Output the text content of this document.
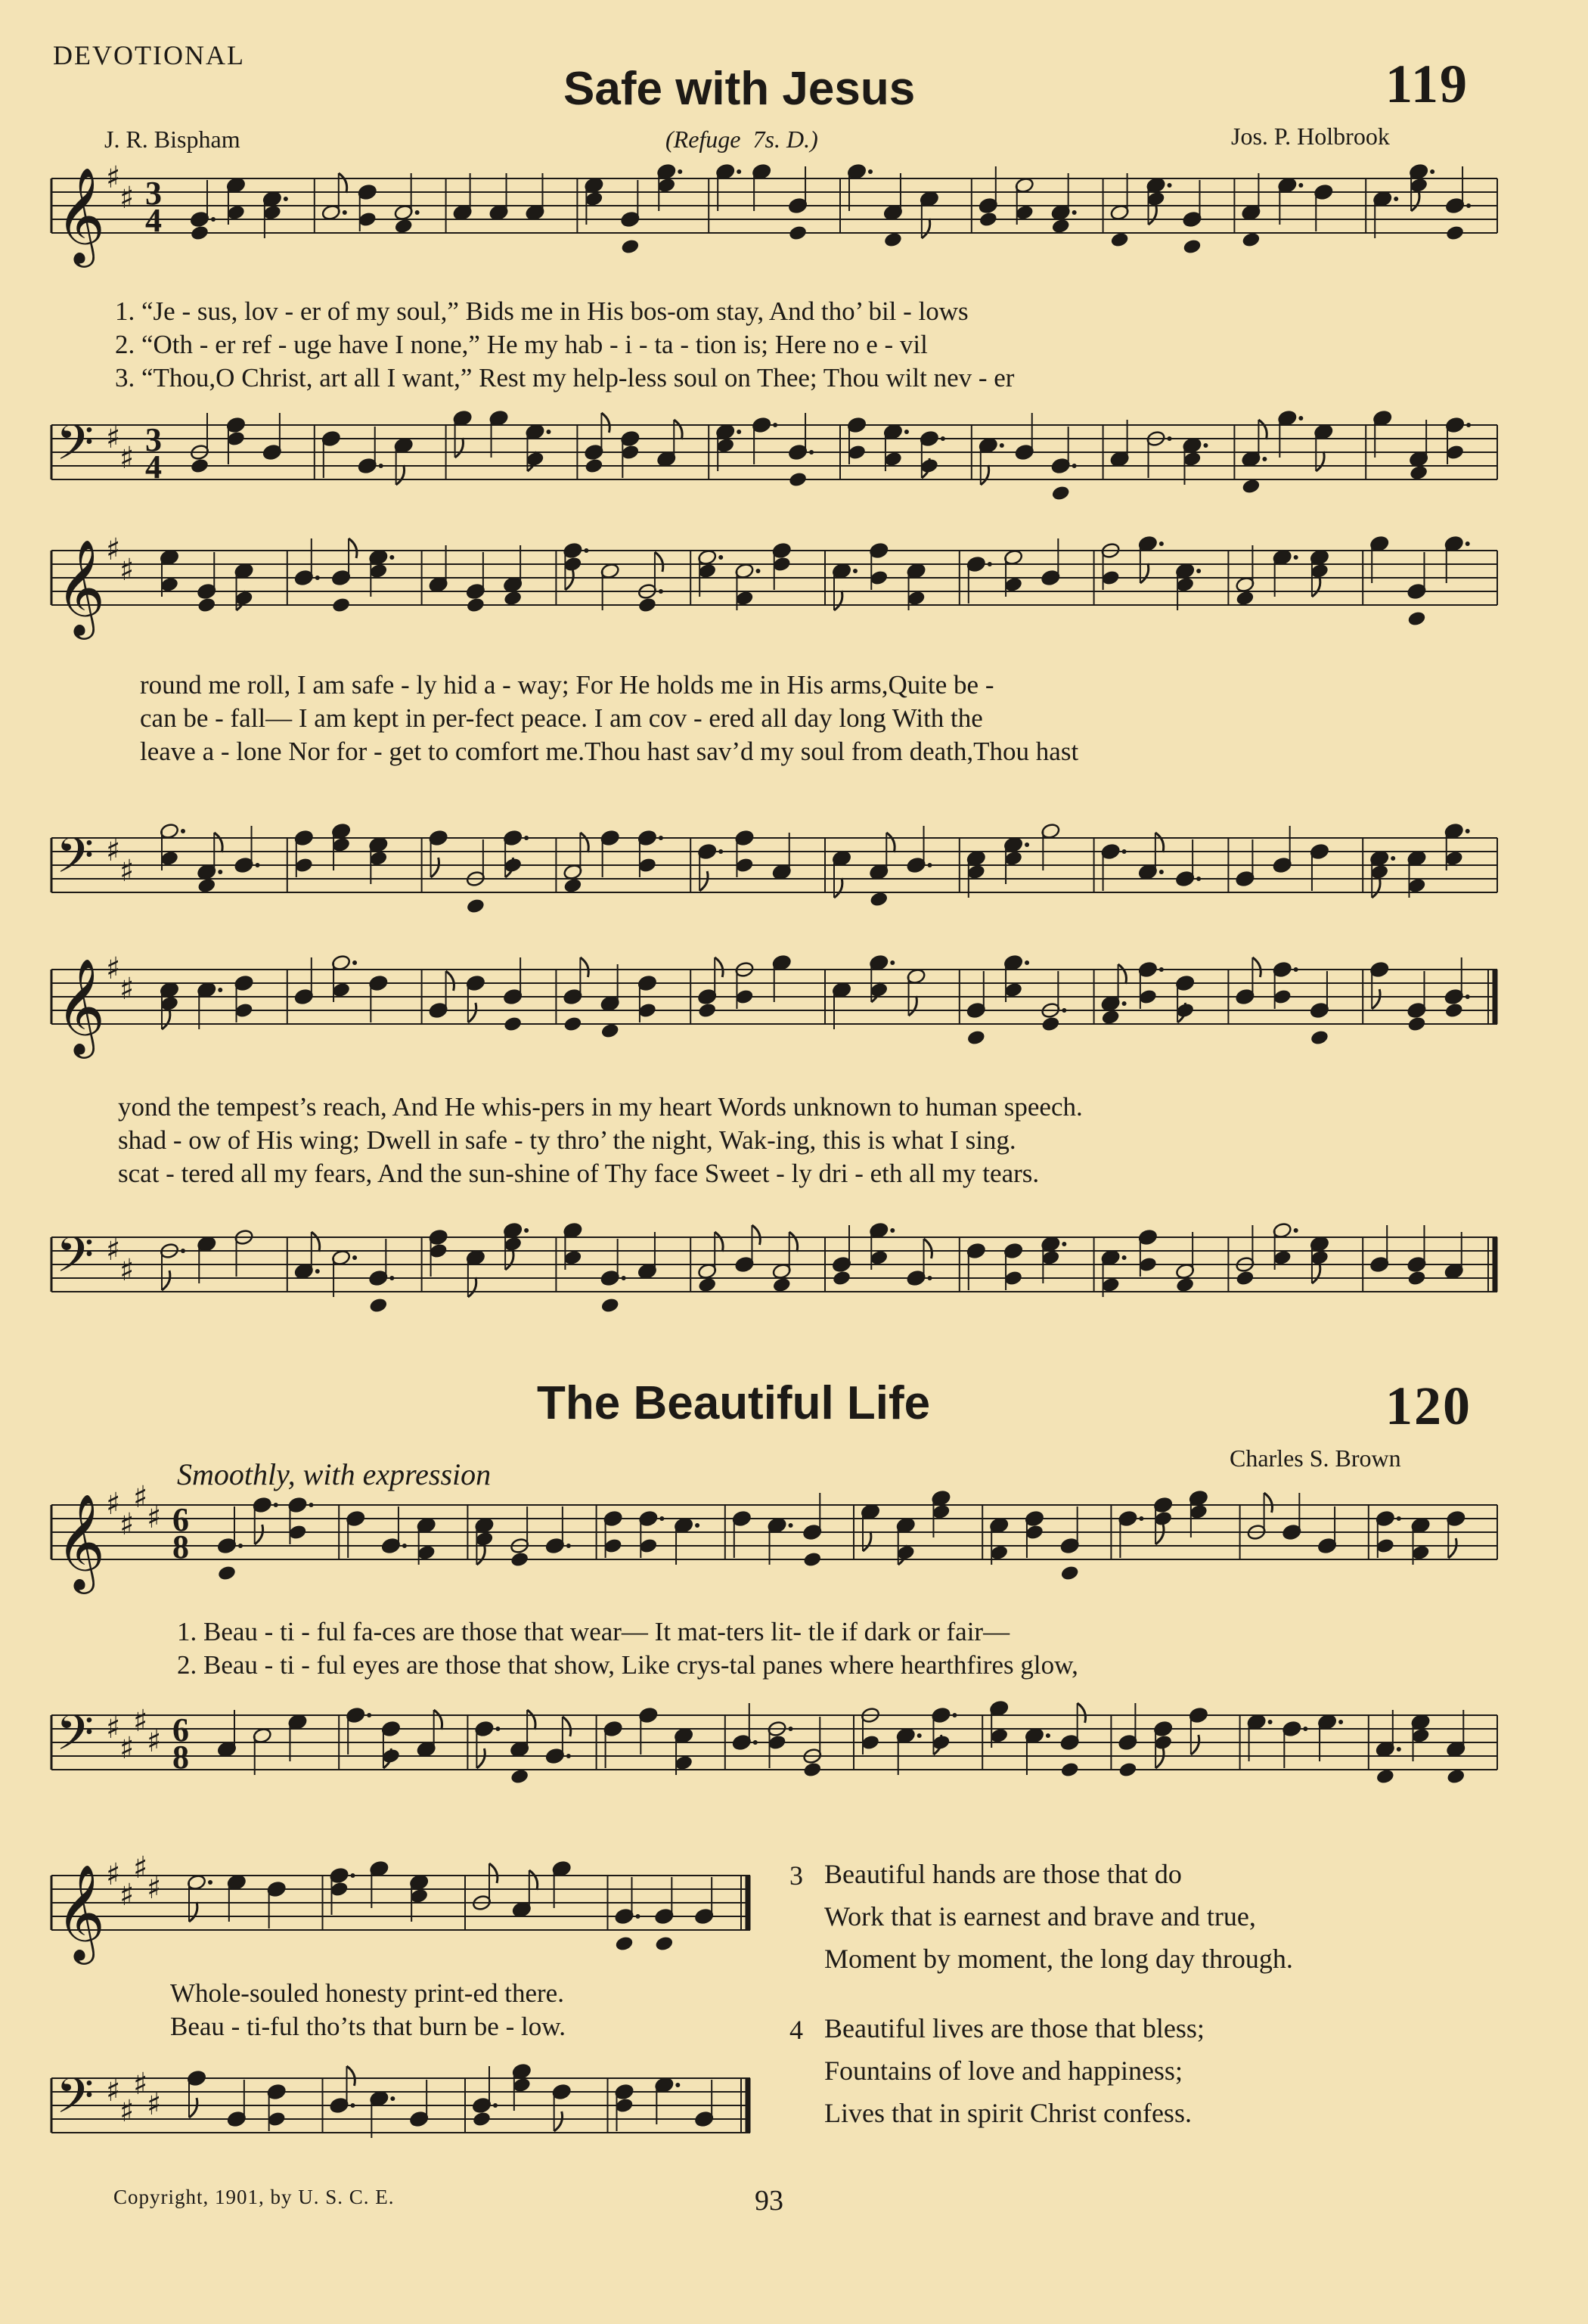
DEVOTIONAL
Safe with Jesus	119
J. R. Bispham	(Refuge 7s. D.)	Jos. P. Holbrook
𝄞 ♯
♯ 3
4
1. “Je - sus, lov - er of my soul,” Bids me in His bos-om stay, And tho’ bil - lows
2. “Oth - er ref - uge have I none,” He my hab - i - ta - tion is; Here no e - vil
3. “Thou,O Christ, art all I want,” Rest my help-less soul on Thee; Thou wilt nev - er
𝄢 ♯
♯ 3
4
𝄞 ♯
♯
round me roll, I am safe - ly hid a - way; For He holds me in His arms,Quite be -
can be - fall— I am kept in per-fect peace. I am cov - ered all day long With the
leave a - lone Nor for - get to comfort me.Thou hast sav’d my soul from death,Thou hast
𝄢 ♯
♯
𝄞 ♯
♯
yond the tempest’s reach, And He whis-pers in my heart Words unknown to human speech.
shad - ow of His wing; Dwell in safe - ty thro’ the night, Wak-ing, this is what I sing.
scat - tered all my fears, And the sun-shine of Thy face Sweet - ly dri - eth all my tears.
𝄢 ♯
♯
The Beautiful Life	120
Smoothly, with expression	Charles S. Brown
𝄞 ♯
♯
♯
♯ 6
8
1. Beau - ti - ful fa-ces are those that wear— It mat-ters lit- tle if dark or fair—
2. Beau - ti - ful eyes are those that show, Like crys-tal panes where hearthfires glow,
𝄢 ♯
♯
♯
♯ 6
8
𝄞 ♯
♯
♯
♯
Whole-souled honesty print-ed there.
Beau - ti-ful tho’ts that burn be - low.
𝄢 ♯
♯
♯
♯
3 Beautiful hands are those that do
Work that is earnest and brave and true,
Moment by moment, the long day through.
4 Beautiful lives are those that bless;
Fountains of love and happiness;
Lives that in spirit Christ confess.
Copyright, 1901, by U. S. C. E.	93
